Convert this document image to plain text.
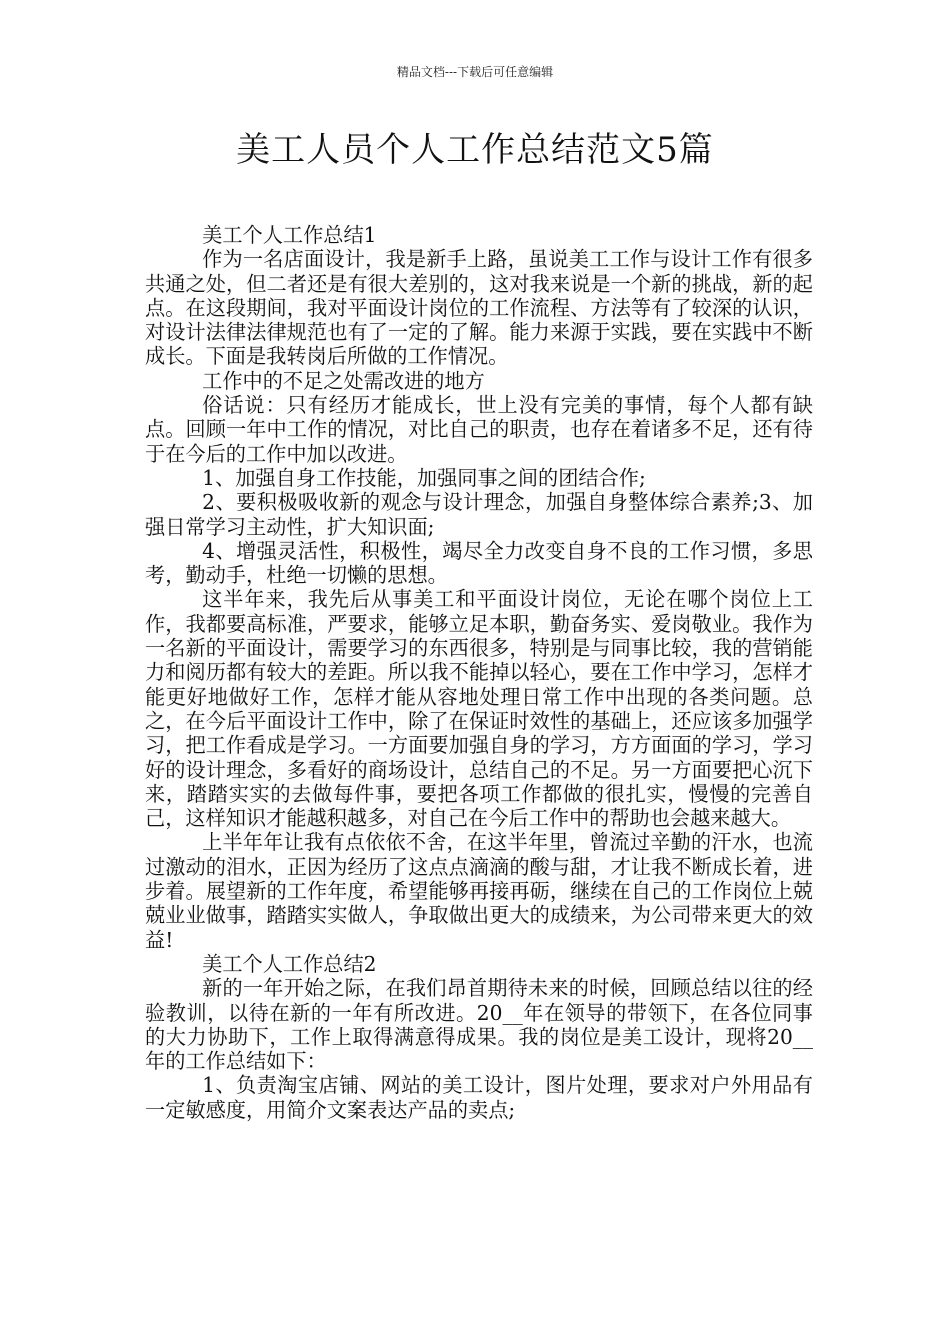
精品文档---下载后可任意编辑
美工人员个人工作总结范文5篇

美工个人工作总结1

作为一名店面设计，我是新手上路，虽说美工工作与设计工作有很多共通之处，但二者还是有很大差别的，这对我来说是一个新的挑战，新的起点。在这段期间，我对平面设计岗位的工作流程、方法等有了较深的认识，对设计法律法律规范也有了一定的了解。能力来源于实践，要在实践中不断成长。下面是我转岗后所做的工作情况。

工作中的不足之处需改进的地方

俗话说：只有经历才能成长，世上没有完美的事情，每个人都有缺点。回顾一年中工作的情况，对比自己的职责，也存在着诸多不足，还有待于在今后的工作中加以改进。

1、加强自身工作技能，加强同事之间的团结合作;

2、要积极吸收新的观念与设计理念，加强自身整体综合素养;3、加强日常学习主动性，扩大知识面;

4、增强灵活性，积极性，竭尽全力改变自身不良的工作习惯，多思考，勤动手，杜绝一切懒的思想。

这半年来，我先后从事美工和平面设计岗位，无论在哪个岗位上工作，我都要高标准，严要求，能够立足本职，勤奋务实、爱岗敬业。我作为一名新的平面设计，需要学习的东西很多，特别是与同事比较，我的营销能力和阅历都有较大的差距。所以我不能掉以轻心，要在工作中学习，怎样才能更好地做好工作，怎样才能从容地处理日常工作中出现的各类问题。总之，在今后平面设计工作中，除了在保证时效性的基础上，还应该多加强学习，把工作看成是学习。一方面要加强自身的学习，方方面面的学习，学习好的设计理念，多看好的商场设计，总结自己的不足。另一方面要把心沉下来，踏踏实实的去做每件事，要把各项工作都做的很扎实，慢慢的完善自己，这样知识才能越积越多，对自己在今后工作中的帮助也会越来越大。

上半年年让我有点依依不舍，在这半年里，曾流过辛勤的汗水，也流过激动的泪水，正因为经历了这点点滴滴的酸与甜，才让我不断成长着，进步着。展望新的工作年度，希望能够再接再砺，继续在自己的工作岗位上兢兢业业做事，踏踏实实做人，争取做出更大的成绩来，为公司带来更大的效益!

美工个人工作总结2

新的一年开始之际，在我们昂首期待未来的时候，回顾总结以往的经验教训，以待在新的一年有所改进。20__年在领导的带领下，在各位同事的大力协助下，工作上取得满意得成果。我的岗位是美工设计，现将20__年的工作总结如下：

1、负责淘宝店铺、网站的美工设计，图片处理，要求对户外用品有一定敏感度，用简介文案表达产品的卖点;
